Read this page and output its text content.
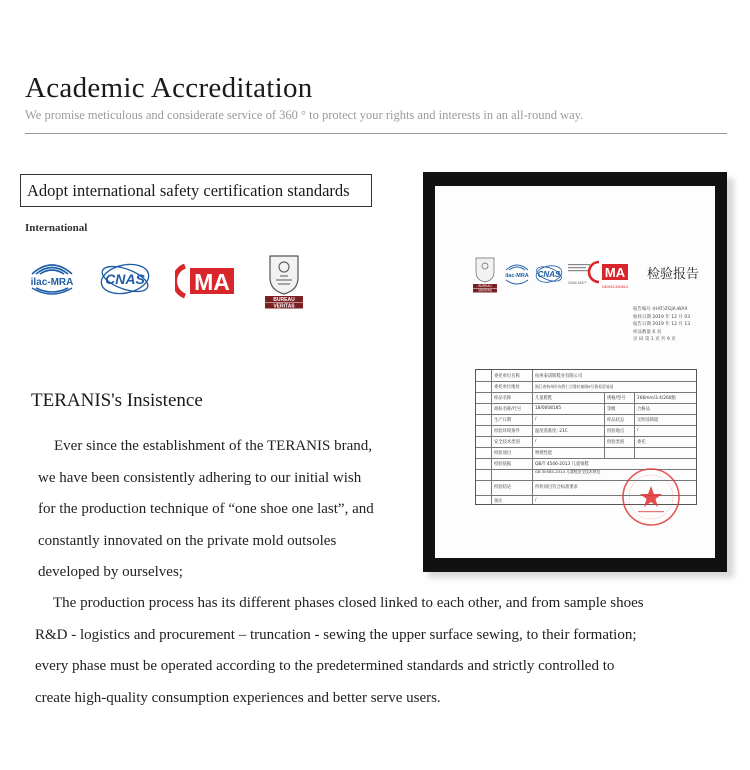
Academic Accreditation
We promise meticulous and considerate service of 360 ° to protect your rights and interests in an all-round way.
Adopt international safety certification standards
International
ilac-MRA CNAS MA
BUREAU
VERITAS
TERANIS's Insistence
Ever since the establishment of the TERANIS brand,
we have been consistently adhering to our initial wish
for the production technique of “one shoe one last”, and
constantly innovated on the private mold outsoles
developed by ourselves;
The production process has its different phases closed linked to each other, and from sample shoes
R&D - logistics and procurement – truncation - sewing the upper surface sewing, to their formation;
every phase must be operated according to the predetermined standards and strictly controlled to
create high-quality consumption experiences and better serve users.
BUREAU
VERITAS
ilac-MRA CNAS
CNAS L6377
MA
150611340812
检验报告
报告编号 (HAT)ZGJA.WAX
收样日期 2019 年 12 月 03
报告日期 2019 年 12 月 13
样品数量 6 双
页 码 第 1 页 共 9 页
委托单位名称	杭州泰诺斯鞋业有限公司
委托单位地址	浙江省杭州市向管仁目鲁拉崩路9号鲁易贸易园
样品名称	儿童鞋鞋	规格/型号	266mm/3.4/260點
商标名称/代号	18/0008185	等级	合格品
生产日期	/	样品状态	无明显缺陷
检验环境条件	温度基准度: 21C	检验地点	/
安全技术类别	/	检验类别	委托
检验项目	物理性能
检验依据	QB/T 4546-2013 儿童领鞋
GB 30585-2014 儿童鞋安全技术规范
检验结论	所检项目符合标准要求
备注	/
